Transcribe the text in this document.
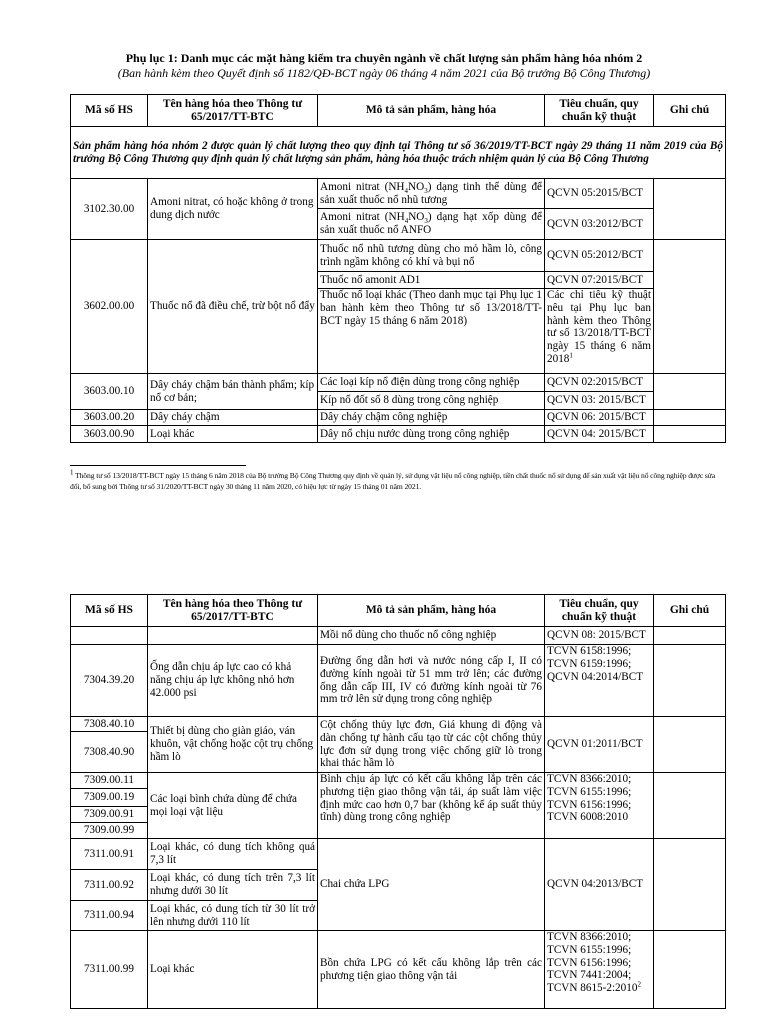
Phụ lục 1: Danh mục các mặt hàng kiểm tra chuyên ngành về chất lượng sản phẩm hàng hóa nhóm 2
(Ban hành kèm theo Quyết định số 1182/QĐ-BCT ngày 06 tháng 4 năm 2021 của Bộ trưởng Bộ Công Thương)
Mã số HS	Tên hàng hóa theo Thông tư 65/2017/TT-BTC	Mô tả sản phẩm, hàng hóa	Tiêu chuẩn, quy chuẩn kỹ thuật	Ghi chú
Sản phẩm hàng hóa nhóm 2 được quản lý chất lượng theo quy định tại Thông tư số 36/2019/TT-BCT ngày 29 tháng 11 năm 2019 của Bộ trưởng Bộ Công Thương quy định quản lý chất lượng sản phẩm, hàng hóa thuộc trách nhiệm quản lý của Bộ Công Thương				
3102.30.00	Amoni nitrat, có hoặc không ở trong dung dịch nước	Amoni nitrat $(NH_4NO_3)$ dạng tinh thể dùng để sản xuất thuốc nổ nhũ tương	QCVN 05:2015/BCT	
		Amoni nitrat $(NH_4NO_3)$ dạng hạt xốp dùng để sản xuất thuốc nổ ANFO	QCVN 03:2012/BCT	
3602.00.00	Thuốc nổ đã điều chế, trừ bột nổ đẩy	Thuốc nổ nhũ tương dùng cho mỏ hầm lò, công trình ngầm không có khí và bụi nổ	QCVN 05:2012/BCT	
		Thuốc nổ amonit AD1	QCVN 07:2015/BCT	
		Thuốc nổ loại khác (Theo danh mục tại Phụ lục 1 ban hành kèm theo Thông tư số 13/2018/TT-BCT ngày 15 tháng 6 năm 2018)	Các chỉ tiêu kỹ thuật nêu tại Phụ lục ban hành kèm theo Thông tư số 13/2018/TT-BCT ngày 15 tháng 6 năm 2018$^1$
3603.00.10	Dây cháy chậm bán thành phẩm; kíp nổ cơ bản;	Các loại kíp nổ điện dùng trong công nghiệp	QCVN 02:2015/BCT	
		Kíp nổ đốt số 8 dùng trong công nghiệp	QCVN 03: 2015/BCT	
3603.00.20	Dây cháy chậm	Dây cháy chậm công nghiệp	QCVN 06: 2015/BCT	
3603.00.90	Loại khác	Dây nổ chịu nước dùng trong công nghiệp	QCVN 04: 2015/BCT	
$^1$ Thông tư số 13/2018/TT-BCT ngày 15 tháng 6 năm 2018 của Bộ trưởng Bộ Công Thương quy định về quản lý, sử dụng vật liệu nổ công nghiệp, tiền chất thuốc nổ sử dụng để sản xuất vật liệu nổ công nghiệp được sửa đổi, bổ sung bởi Thông tư số 31/2020/TT-BCT ngày 30 tháng 11 năm 2020, có hiệu lực từ ngày 15 tháng 01 năm 2021.
Mã số HS	Tên hàng hóa theo Thông tư 65/2017/TT-BTC	Mô tả sản phẩm, hàng hóa	Tiêu chuẩn, quy chuẩn kỹ thuật	Ghi chú
		Mồi nổ dùng cho thuốc nổ công nghiệp	QCVN 08: 2015/BCT	
7304.39.20	Ống dẫn chịu áp lực cao có khả năng chịu áp lực không nhỏ hơn 42.000 psi	Đường ống dẫn hơi và nước nóng cấp I, II có đường kính ngoài từ 51 mm trở lên; các đường ống dẫn cấp III, IV có đường kính ngoài từ 76 mm trở lên sử dụng trong công nghiệp	TCVN 6158:1996;
TCVN 6159:1996;
QCVN 04:2014/BCT	

7308.40.10	Thiết bị dùng cho giàn giáo, ván khuôn, vật chống hoặc cột trụ chống hầm lò	Cột chống thủy lực đơn, Giá khung di động và dàn chống tự hành cấu tạo từ các cột chống thủy lực đơn sử dụng trong việc chống giữ lò trong khai thác hầm lò	QCVN 01:2011/BCT	
7308.40.90				
7309.00.11	Các loại bình chứa dùng để chứa mọi loại vật liệu	Bình chịu áp lực có kết cấu không lắp trên các phương tiện giao thông vận tải, áp suất làm việc định mức cao hơn 0,7 bar (không kể áp suất thủy tĩnh) dùng trong công nghiệp	TCVN 8366:2010;
TCVN 6155:1996;
TCVN 6156:1996;
TCVN 6008:2010	

7309.00.19				
7309.00.91				
7309.00.99				
7311.00.91	Loại khác, có dung tích không quá 7,3 lít	Chai chứa LPG	QCVN 04:2013/BCT	
7311.00.92	Loại khác, có dung tích trên 7,3 lít nhưng dưới 30 lít			
7311.00.94	Loại khác, có dung tích từ 30 lít trở lên nhưng dưới 110 lít			
7311.00.99	Loại khác	Bồn chứa LPG có kết cấu không lắp trên các phương tiện giao thông vận tải	TCVN 8366:2010;
TCVN 6155:1996;
TCVN 6156:1996;
TCVN 7441:2004;
TCVN 8615-2:2010$^2$
